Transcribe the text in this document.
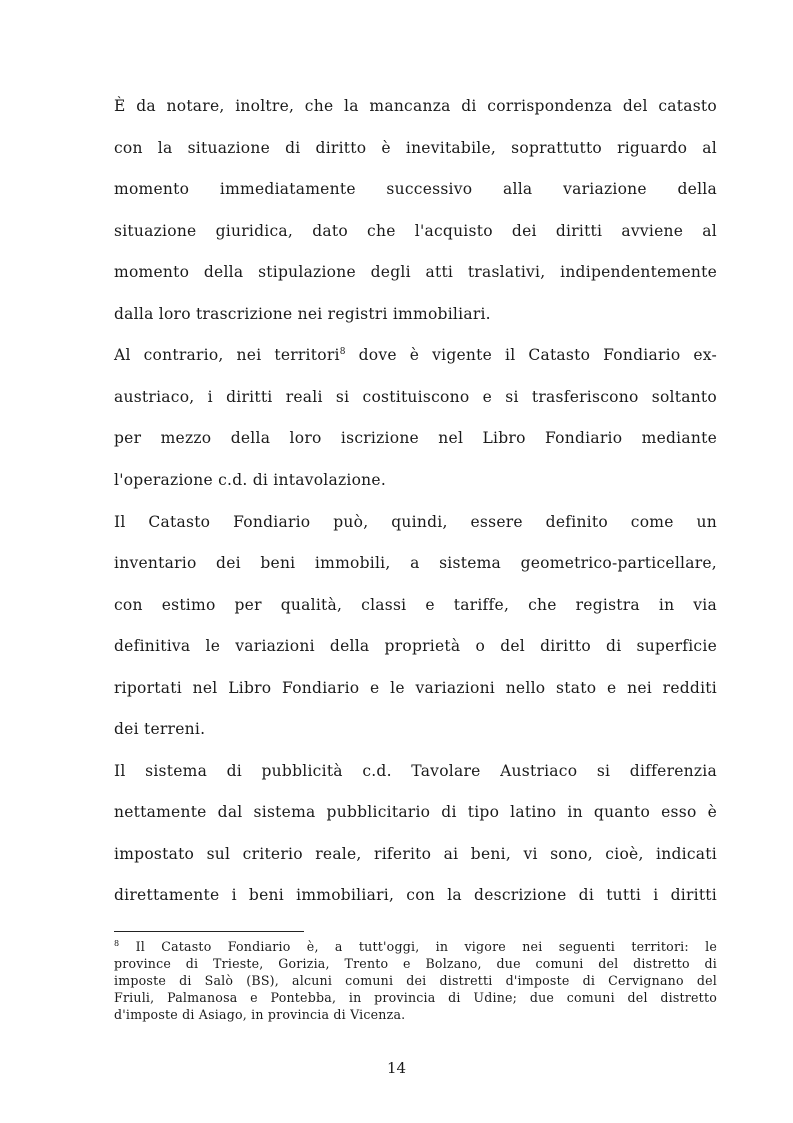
È da notare, inoltre, che la mancanza di corrispondenza del catasto
con la situazione di diritto è inevitabile, soprattutto riguardo al
momento immediatamente successivo alla variazione della
situazione giuridica, dato che l'acquisto dei diritti avviene al
momento della stipulazione degli atti traslativi, indipendentemente
dalla loro trascrizione nei registri immobiliari.
Al contrario, nei territori$^8$ dove è vigente il Catasto Fondiario ex-
austriaco, i diritti reali si costituiscono e si trasferiscono soltanto
per mezzo della loro iscrizione nel Libro Fondiario mediante
l'operazione c.d. di intavolazione.
Il Catasto Fondiario può, quindi, essere definito come un
inventario dei beni immobili, a sistema geometrico-particellare,
con estimo per qualità, classi e tariffe, che registra in via
definitiva le variazioni della proprietà o del diritto di superficie
riportati nel Libro Fondiario e le variazioni nello stato e nei redditi
dei terreni.
Il sistema di pubblicità c.d. Tavolare Austriaco si differenzia
nettamente dal sistema pubblicitario di tipo latino in quanto esso è
impostato sul criterio reale, riferito ai beni, vi sono, cioè, indicati
direttamente i beni immobiliari, con la descrizione di tutti i diritti
$^8$ Il Catasto Fondiario è, a tutt'oggi, in vigore nei seguenti territori: le
province di Trieste, Gorizia, Trento e Bolzano, due comuni del distretto di
imposte di Salò (BS), alcuni comuni dei distretti d'imposte di Cervignano del
Friuli, Palmanosa e Pontebba, in provincia di Udine; due comuni del distretto
d'imposte di Asiago, in provincia di Vicenza.
14
